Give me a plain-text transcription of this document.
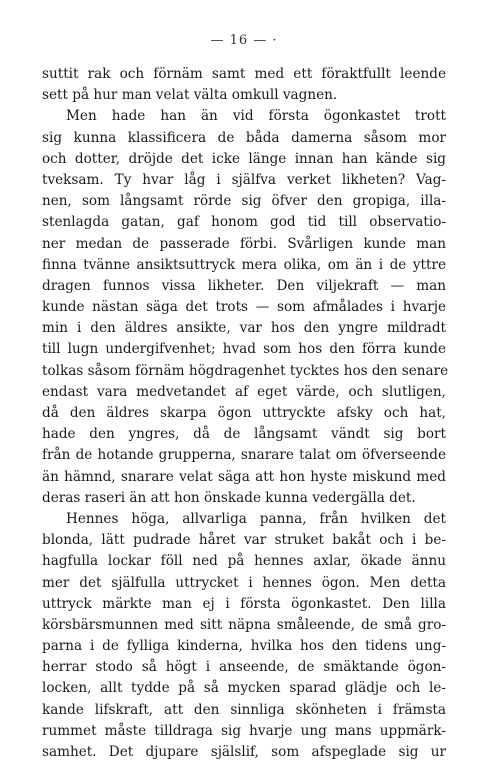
— 16 — ·
suttit rak och förnäm samt med ett föraktfullt leende
sett på hur man velat välta omkull vagnen.
Men hade han än vid första ögonkastet trott
sig kunna klassificera de båda damerna såsom mor
och dotter, dröjde det icke länge innan han kände sig
tveksam. Ty hvar låg i själfva verket likheten? Vag-
nen, som långsamt rörde sig öfver den gropiga, illa-
stenlagda gatan, gaf honom god tid till observatio-
ner medan de passerade förbi. Svårligen kunde man
finna tvänne ansiktsuttryck mera olika, om än i de yttre
dragen funnos vissa likheter. Den viljekraft — man
kunde nästan säga det trots — som afmålades i hvarje
min i den äldres ansikte, var hos den yngre mildradt
till lugn undergifvenhet; hvad som hos den förra kunde
tolkas såsom förnäm högdragenhet tycktes hos den senare
endast vara medvetandet af eget värde, och slutligen,
då den äldres skarpa ögon uttryckte afsky och hat,
hade den yngres, då de långsamt vändt sig bort
från de hotande grupperna, snarare talat om öfverseende
än hämnd, snarare velat säga att hon hyste miskund med
deras raseri än att hon önskade kunna vedergälla det.
Hennes höga, allvarliga panna, från hvilken det
blonda, lätt pudrade håret var struket bakåt och i be-
hagfulla lockar föll ned på hennes axlar, ökade ännu
mer det själfulla uttrycket i hennes ögon. Men detta
uttryck märkte man ej i första ögonkastet. Den lilla
körsbärsmunnen med sitt näpna småleende, de små gro-
parna i de fylliga kinderna, hvilka hos den tidens ung-
herrar stodo så högt i anseende, de smäktande ögon-
locken, allt tydde på så mycken sparad glädje och le-
kande lifskraft, att den sinnliga skönheten i främsta
rummet måste tilldraga sig hvarje ung mans uppmärk-
samhet. Det djupare själslif, som afspeglade sig ur
